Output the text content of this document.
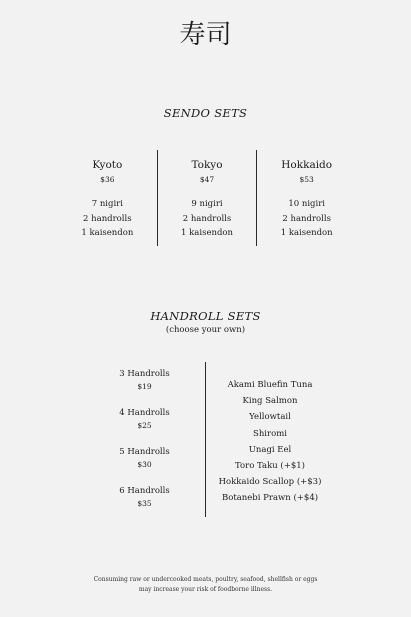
寿司
SENDO SETS
Kyoto
$36
7 nigiri
2 handrolls
1 kaisendon
Tokyo
$47
9 nigiri
2 handrolls
1 kaisendon
Hokkaido
$53
10 nigiri
2 handrolls
1 kaisendon
HANDROLL SETS
(choose your own)
3 Handrolls
$19
4 Handrolls
$25
5 Handrolls
$30
6 Handrolls
$35
Akami Bluefin Tuna
King Salmon
Yellowtail
Shiromi
Unagi Eel
Toro Taku (+$1)
Hokkaido Scallop (+$3)
Botanebi Prawn (+$4)
Consuming raw or undercooked meats, poultry, seafood, shellfish or eggs
may increase your risk of foodborne illness.
